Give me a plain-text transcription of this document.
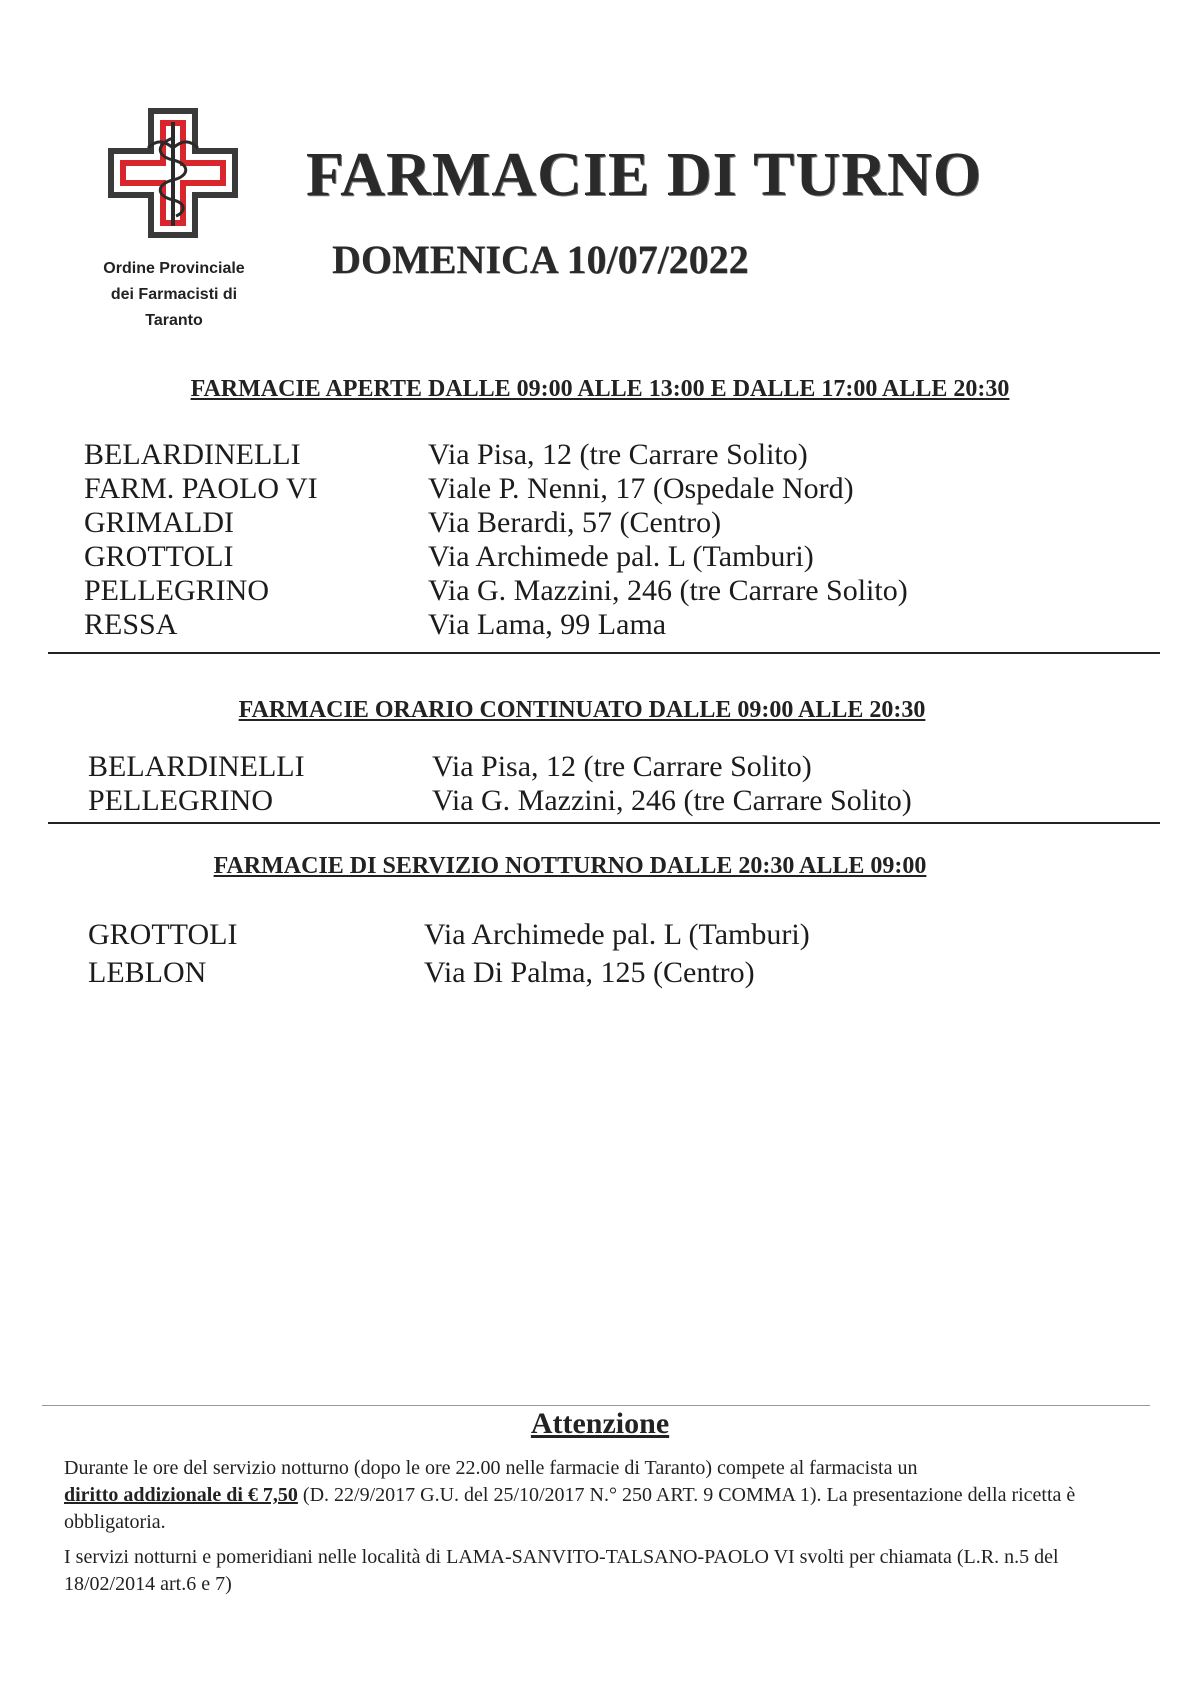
Ordine Provinciale
dei Farmacisti di
Taranto
FARMACIE DI TURNO
DOMENICA 10/07/2022
FARMACIE APERTE DALLE 09:00 ALLE 13:00 E DALLE 17:00 ALLE 20:30
BELARDINELLI	Via Pisa, 12 (tre Carrare Solito)
FARM. PAOLO VI	Viale P. Nenni, 17 (Ospedale Nord)
GRIMALDI	Via Berardi, 57 (Centro)
GROTTOLI	Via Archimede pal. L (Tamburi)
PELLEGRINO	Via G. Mazzini, 246 (tre Carrare Solito)
RESSA	Via Lama, 99 Lama
FARMACIE ORARIO CONTINUATO DALLE 09:00 ALLE 20:30
BELARDINELLI	Via Pisa, 12 (tre Carrare Solito)
PELLEGRINO	Via G. Mazzini, 246 (tre Carrare Solito)
FARMACIE DI SERVIZIO NOTTURNO DALLE 20:30 ALLE 09:00
GROTTOLI	Via Archimede pal. L (Tamburi)
LEBLON	Via Di Palma, 125 (Centro)
Attenzione
Durante le ore del servizio notturno (dopo le ore 22.00 nelle farmacie di Taranto) compete al farmacista un
diritto addizionale di € 7,50 (D. 22/9/2017 G.U. del 25/10/2017 N.° 250 ART. 9 COMMA 1). La presentazione della ricetta è obbligatoria.
I servizi notturni e pomeridiani nelle località di LAMA-SANVITO-TALSANO-PAOLO VI svolti per chiamata (L.R. n.5 del 18/02/2014 art.6 e 7)
